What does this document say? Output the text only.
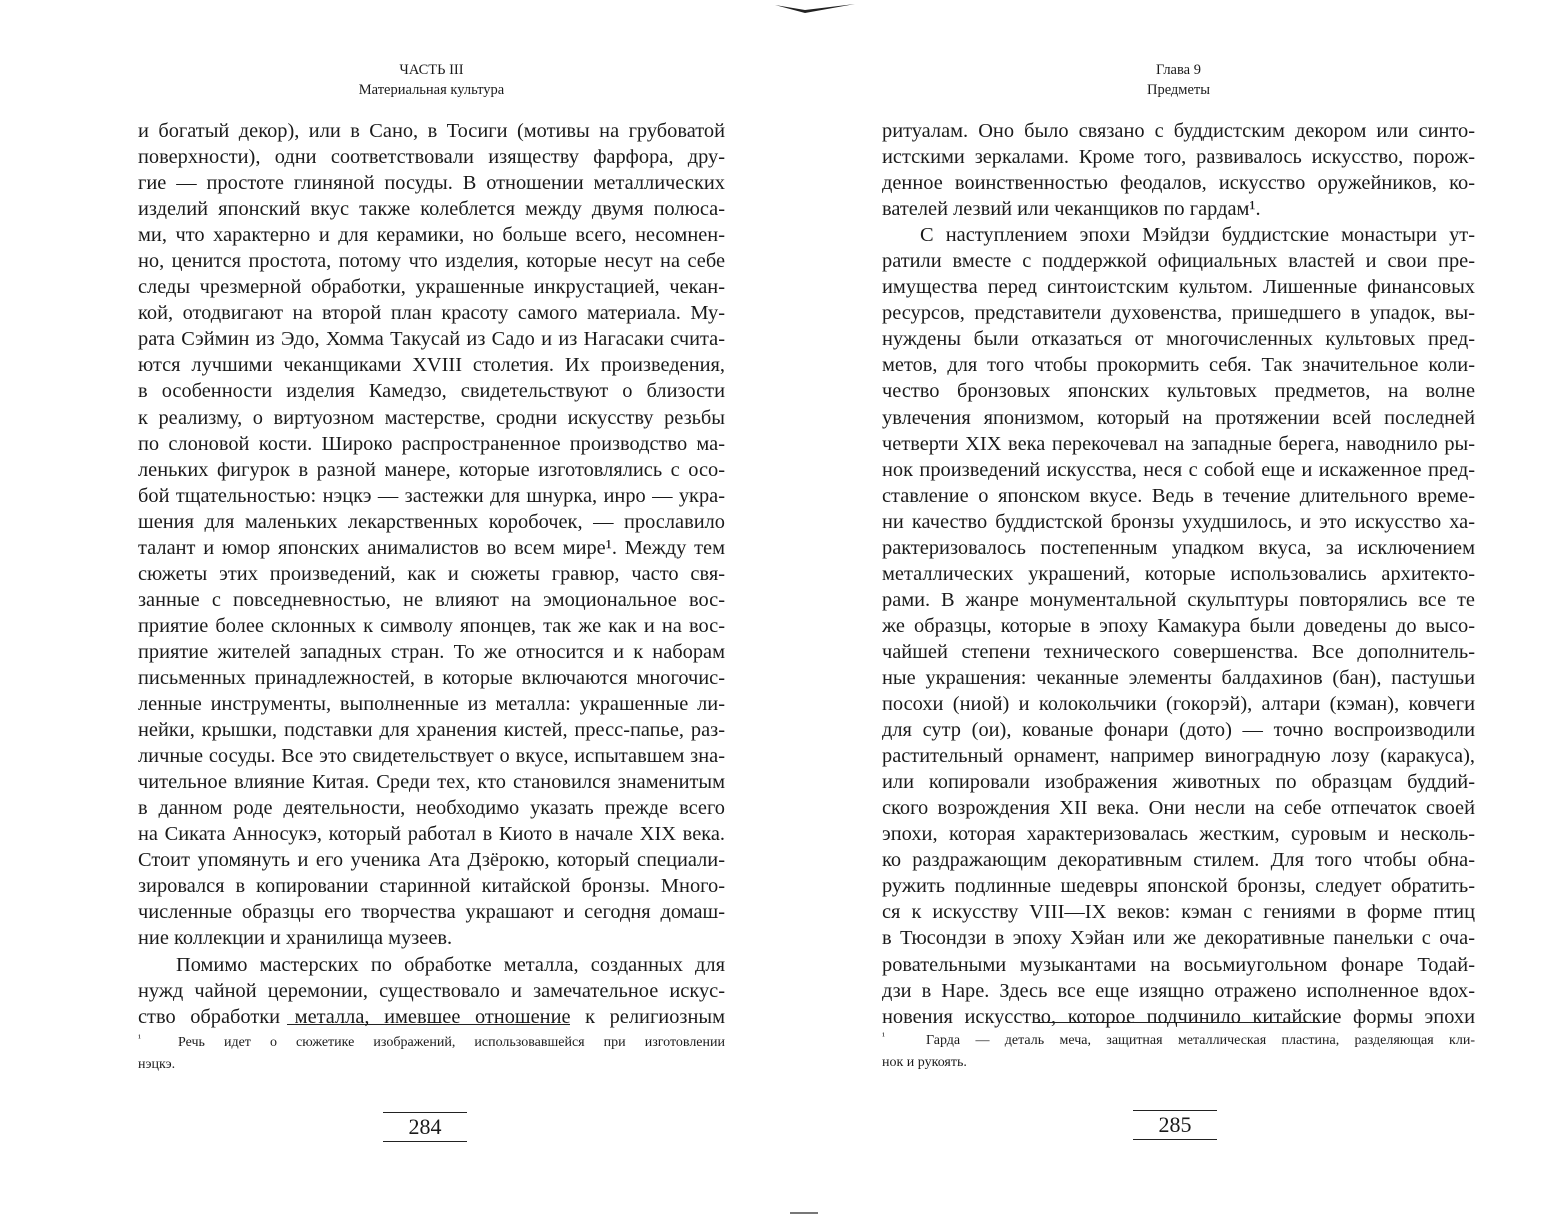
ЧАСТЬ III
Материальная культура
и богатый декор), или в Сано, в Тосиги (мотивы на грубоватой
поверхности), одни соответствовали изяществу фарфора, дру-
гие — простоте глиняной посуды. В отношении металлических
изделий японский вкус также колеблется между двумя полюса-
ми, что характерно и для керамики, но больше всего, несомнен-
но, ценится простота, потому что изделия, которые несут на себе
следы чрезмерной обработки, украшенные инкрустацией, чекан-
кой, отодвигают на второй план красоту самого материала. Му-
рата Сэймин из Эдо, Хомма Такусай из Садо и из Нагасаки счита-
ются лучшими чеканщиками XVIII столетия. Их произведения,
в особенности изделия Камедзо, свидетельствуют о близости
к реализму, о виртуозном мастерстве, сродни искусству резьбы
по слоновой кости. Широко распространенное производство ма-
леньких фигурок в разной манере, которые изготовлялись с осо-
бой тщательностью: нэцкэ — застежки для шнурка, инро — укра-
шения для маленьких лекарственных коробочек, — прославило
талант и юмор японских анималистов во всем мире¹. Между тем
сюжеты этих произведений, как и сюжеты гравюр, часто свя-
занные с повседневностью, не влияют на эмоциональное вос-
приятие более склонных к символу японцев, так же как и на вос-
приятие жителей западных стран. То же относится и к наборам
письменных принадлежностей, в которые включаются многочис-
ленные инструменты, выполненные из металла: украшенные ли-
нейки, крышки, подставки для хранения кистей, пресс-папье, раз-
личные сосуды. Все это свидетельствует о вкусе, испытавшем зна-
чительное влияние Китая. Среди тех, кто становился знаменитым
в данном роде деятельности, необходимо указать прежде всего
на Сиката Анносукэ, который работал в Киото в начале XIX века.
Стоит упомянуть и его ученика Ата Дзёрокю, который специали-
зировался в копировании старинной китайской бронзы. Много-
численные образцы его творчества украшают и сегодня домаш-
ние коллекции и хранилища музеев.
Помимо мастерских по обработке металла, созданных для
нужд чайной церемонии, существовало и замечательное искус-
ство обработки металла, имевшее отношение к религиозным
¹	Речь идет о сюжетике изображений, использовавшейся при изготовлении
нэцкэ.
284
Глава 9
Предметы
ритуалам. Оно было связано с буддистским декором или синто-
истскими зеркалами. Кроме того, развивалось искусство, порож-
денное воинственностью феодалов, искусство оружейников, ко-
вателей лезвий или чеканщиков по гардам¹.
С наступлением эпохи Мэйдзи буддистские монастыри ут-
ратили вместе с поддержкой официальных властей и свои пре-
имущества перед синтоистским культом. Лишенные финансовых
ресурсов, представители духовенства, пришедшего в упадок, вы-
нуждены были отказаться от многочисленных культовых пред-
метов, для того чтобы прокормить себя. Так значительное коли-
чество бронзовых японских культовых предметов, на волне
увлечения японизмом, который на протяжении всей последней
четверти XIX века перекочевал на западные берега, наводнило ры-
нок произведений искусства, неся с собой еще и искаженное пред-
ставление о японском вкусе. Ведь в течение длительного време-
ни качество буддистской бронзы ухудшилось, и это искусство ха-
рактеризовалось постепенным упадком вкуса, за исключением
металлических украшений, которые использовались архитекто-
рами. В жанре монументальной скульптуры повторялись все те
же образцы, которые в эпоху Камакура были доведены до высо-
чайшей степени технического совершенства. Все дополнитель-
ные украшения: чеканные элементы балдахинов (бан), пастушьи
посохи (ниой) и колокольчики (гокорэй), алтари (кэман), ковчеги
для сутр (ои), кованые фонари (дото) — точно воспроизводили
растительный орнамент, например виноградную лозу (каракуса),
или копировали изображения животных по образцам буддий-
ского возрождения XII века. Они несли на себе отпечаток своей
эпохи, которая характеризовалась жестким, суровым и несколь-
ко раздражающим декоративным стилем. Для того чтобы обна-
ружить подлинные шедевры японской бронзы, следует обратить-
ся к искусству VIII—IX веков: кэман с гениями в форме птиц
в Тюсондзи в эпоху Хэйан или же декоративные панельки с оча-
ровательными музыкантами на восьмиугольном фонаре Тодай-
дзи в Наре. Здесь все еще изящно отражено исполненное вдох-
новения искусство, которое подчинило китайские формы эпохи
¹	Гарда — деталь меча, защитная металлическая пластина, разделяющая кли-
нок и рукоять.
285
